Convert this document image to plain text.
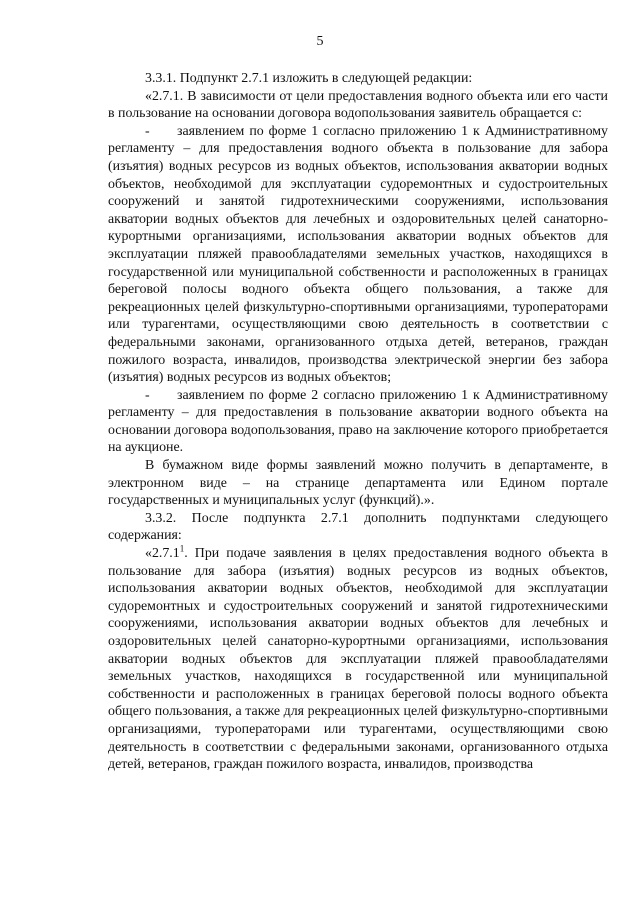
5

3.3.1. Подпункт 2.7.1 изложить в следующей редакции:

«2.7.1. В зависимости от цели предоставления водного объекта или его части в пользование на основании договора водопользования заявитель обращается с:

- заявлением по форме 1 согласно приложению 1 к Административному регламенту – для предоставления водного объекта в пользование для забора (изъятия) водных ресурсов из водных объектов, использования акватории водных объектов, необходимой для эксплуатации судоремонтных и судостроительных сооружений и занятой гидротехническими сооружениями, использования акватории водных объектов для лечебных и оздоровительных целей санаторно-курортными организациями, использования акватории водных объектов для эксплуатации пляжей правообладателями земельных участков, находящихся в государственной или муниципальной собственности и расположенных в границах береговой полосы водного объекта общего пользования, а также для рекреационных целей физкультурно-спортивными организациями, туроператорами или турагентами, осуществляющими свою деятельность в соответствии с федеральными законами, организованного отдыха детей, ветеранов, граждан пожилого возраста, инвалидов, производства электрической энергии без забора (изъятия) водных ресурсов из водных объектов;

- заявлением по форме 2 согласно приложению 1 к Административному регламенту – для предоставления в пользование акватории водного объекта на основании договора водопользования, право на заключение которого приобретается на аукционе.

В бумажном виде формы заявлений можно получить в департаменте, в электронном виде – на странице департамента или Едином портале государственных и муниципальных услуг (функций).».

3.3.2. После подпункта 2.7.1 дополнить подпунктами следующего содержания:

«2.7.1$^1$. При подаче заявления в целях предоставления водного объекта в пользование для забора (изъятия) водных ресурсов из водных объектов, использования акватории водных объектов, необходимой для эксплуатации судоремонтных и судостроительных сооружений и занятой гидротехническими сооружениями, использования акватории водных объектов для лечебных и оздоровительных целей санаторно-курортными организациями, использования акватории водных объектов для эксплуатации пляжей правообладателями земельных участков, находящихся в государственной или муниципальной собственности и расположенных в границах береговой полосы водного объекта общего пользования, а также для рекреационных целей физкультурно-спортивными организациями, туроператорами или турагентами, осуществляющими свою деятельность в соответствии с федеральными законами, организованного отдыха детей, ветеранов, граждан пожилого возраста, инвалидов, производства
